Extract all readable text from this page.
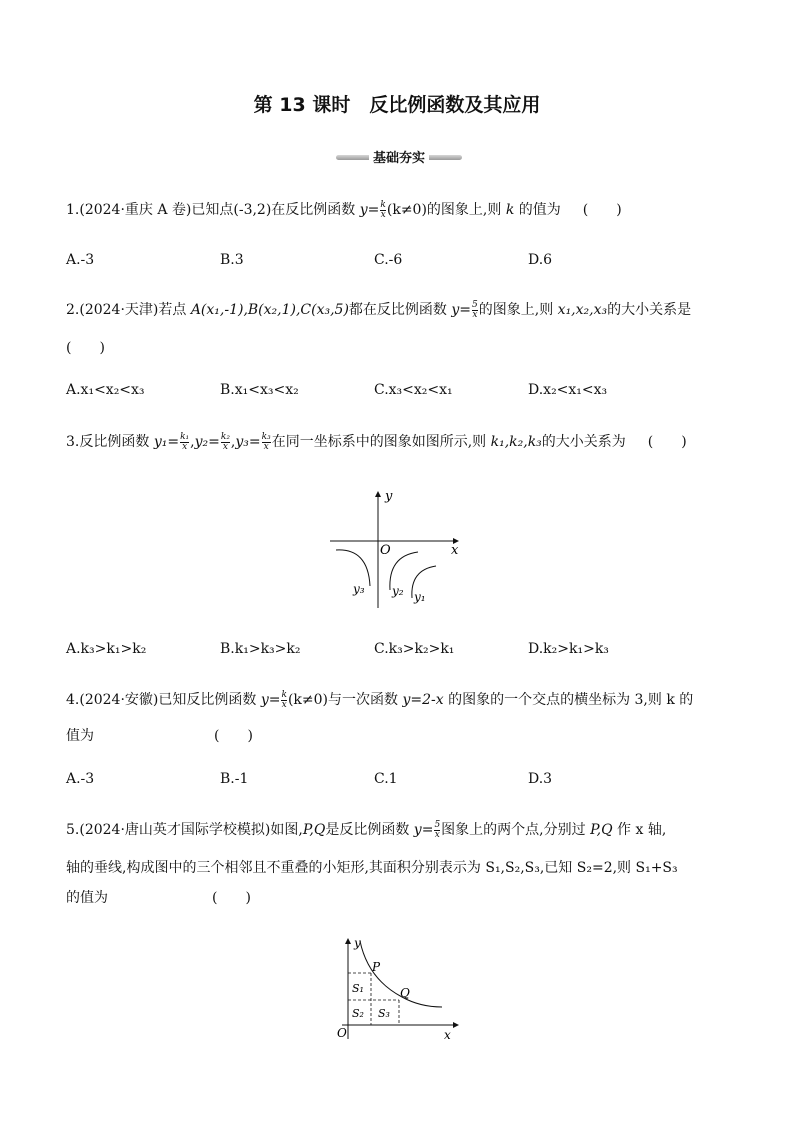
第 13 课时　反比例函数及其应用
基础夯实
1.(2024·重庆 A 卷)已知点(-3,2)在反比例函数 $y= \frac{k}{x} (k\ne 0)$的图象上,则 k 的值为 (　　)
A.-3	B.3	C.-6	D.6
2.(2024·天津)若点 A(x₁,-1),B(x₂,1),C(x₃,5)都在反比例函数 $y= \frac{5}{x}$ 的图象上,则 x₁,x₂,x₃的大小关系是
(　　)
A.x₁<x₂<x₃	B.x₁<x₃<x₂	C.x₃<x₂<x₁	D.x₂<x₁<x₃
3.反比例函数 $y_1= \frac{\text{k₁}}{x} ,y_2= \frac{\text{k₂}}{x} ,y_3= \frac{\text{k₃}}{x}$ 在同一坐标系中的图象如图所示,则 k₁,k₂,k₃的大小关系为 (　　)
y
x
O
y₃ y₂ y₁
A.k₃>k₁>k₂	B.k₁>k₃>k₂	C.k₃>k₂>k₁	D.k₂>k₁>k₃
4.(2024·安徽)已知反比例函数 $y= \frac{k}{x} (k\ne 0)$与一次函数 y=2-x 的图象的一个交点的横坐标为 3,则 k 的
值为	(　　)
A.-3	B.-1	C.1	D.3
5.(2024·唐山英才国际学校模拟)如图,P,Q是反比例函数 $y= \frac{5}{x}$ 图象上的两个点,分别过 P,Q 作 x 轴,
轴的垂线,构成图中的三个相邻且不重叠的小矩形,其面积分别表示为 S₁,S₂,S₃,已知 S₂=2,则 S₁+S₃
的值为	(　　)
y
x
O
P
Q
S₁
S₂ S₃
